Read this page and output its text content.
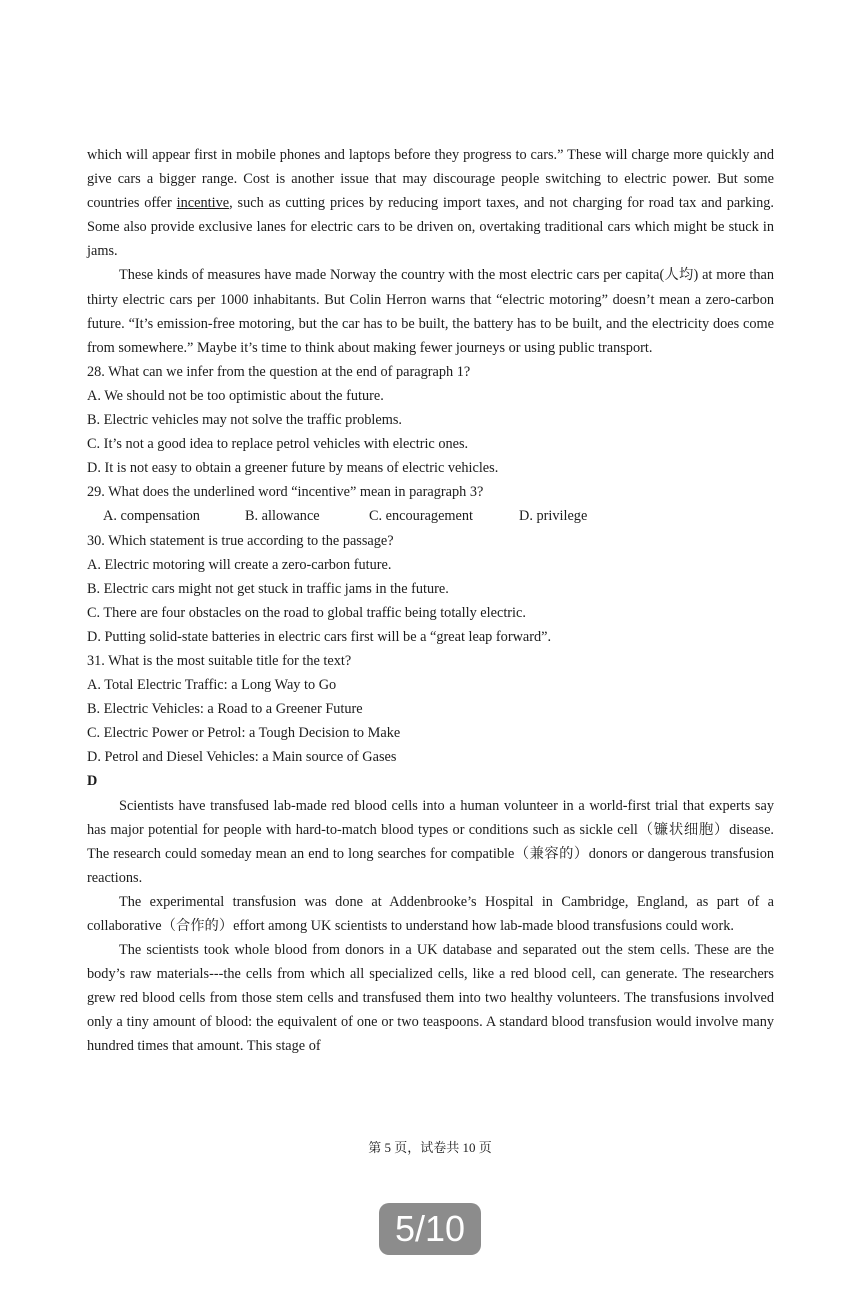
which will appear first in mobile phones and laptops before they progress to cars.” These will charge more quickly and give cars a bigger range. Cost is another issue that may discourage people switching to electric power. But some countries offer incentive, such as cutting prices by reducing import taxes, and not charging for road tax and parking. Some also provide exclusive lanes for electric cars to be driven on, overtaking traditional cars which might be stuck in jams.

These kinds of measures have made Norway the country with the most electric cars per capita(人均) at more than thirty electric cars per 1000 inhabitants. But Colin Herron warns that “electric motoring” doesn’t mean a zero-carbon future. “It’s emission-free motoring, but the car has to be built, the battery has to be built, and the electricity does come from somewhere.” Maybe it’s time to think about making fewer journeys or using public transport.

28. What can we infer from the question at the end of paragraph 1?

A. We should not be too optimistic about the future.

B. Electric vehicles may not solve the traffic problems.

C. It’s not a good idea to replace petrol vehicles with electric ones.

D. It is not easy to obtain a greener future by means of electric vehicles.

29. What does the underlined word “incentive” mean in paragraph 3?

A. compensation	B. allowance	C. encouragement	D. privilege

30. Which statement is true according to the passage?

A. Electric motoring will create a zero-carbon future.

B. Electric cars might not get stuck in traffic jams in the future.

C. There are four obstacles on the road to global traffic being totally electric.

D. Putting solid-state batteries in electric cars first will be a “great leap forward”.

31. What is the most suitable title for the text?

A. Total Electric Traffic: a Long Way to Go

B. Electric Vehicles: a Road to a Greener Future

C. Electric Power or Petrol: a Tough Decision to Make

D. Petrol and Diesel Vehicles: a Main source of Gases

D

Scientists have transfused lab-made red blood cells into a human volunteer in a world-first trial that experts say has major potential for people with hard-to-match blood types or conditions such as sickle cell（镰状细胞）disease. The research could someday mean an end to long searches for compatible（兼容的）donors or dangerous transfusion reactions.

The experimental transfusion was done at Addenbrooke’s Hospital in Cambridge, England, as part of a collaborative（合作的）effort among UK scientists to understand how lab-made blood transfusions could work.

The scientists took whole blood from donors in a UK database and separated out the stem cells. These are the body’s raw materials---the cells from which all specialized cells, like a red blood cell, can generate. The researchers grew red blood cells from those stem cells and transfused them into two healthy volunteers. The transfusions involved only a tiny amount of blood: the equivalent of one or two teaspoons. A standard blood transfusion would involve many hundred times that amount. This stage of

第 5 页，试卷共 10 页
5/10
